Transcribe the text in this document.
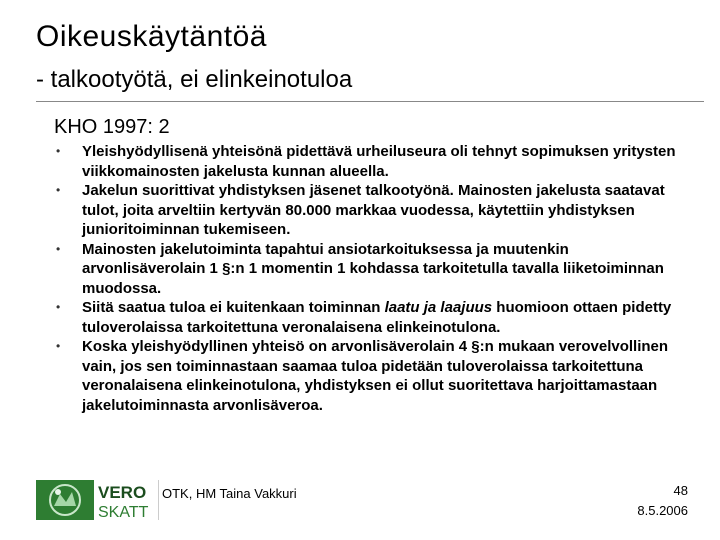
Oikeuskäytäntöä
- talkootyötä, ei elinkeinotuloa
KHO 1997: 2
• Yleishyödyllisenä yhteisönä pidettävä urheiluseura oli tehnyt sopimuksen yritysten viikkomainosten jakelusta kunnan alueella.
• Jakelun suorittivat yhdistyksen jäsenet talkootyönä. Mainosten jakelusta saatavat tulot, joita arveltiin kertyvän 80.000 markkaa vuodessa, käytettiin yhdistyksen junioritoiminnan tukemiseen.
• Mainosten jakelutoiminta tapahtui ansiotarkoituksessa ja muutenkin arvonlisäverolain 1 §:n 1 momentin 1 kohdassa tarkoitetulla tavalla liiketoiminnan muodossa.
• Siitä saatua tuloa ei kuitenkaan toiminnan laatu ja laajuus huomioon ottaen pidetty tuloverolaissa tarkoitettuna veronalaisena elinkeinotulona.
• Koska yleishyödyllinen yhteisö on arvonlisäverolain 4 §:n mukaan verovelvollinen vain, jos sen toiminnastaan saamaa tuloa pidetään tuloverolaissa tarkoitettuna veronalaisena elinkeinotulona, yhdistyksen ei ollut suoritettava harjoittamastaan jakelutoiminnasta arvonlisäveroa.
VERO
SKATT
OTK, HM Taina Vakkuri	48
8.5.2006
